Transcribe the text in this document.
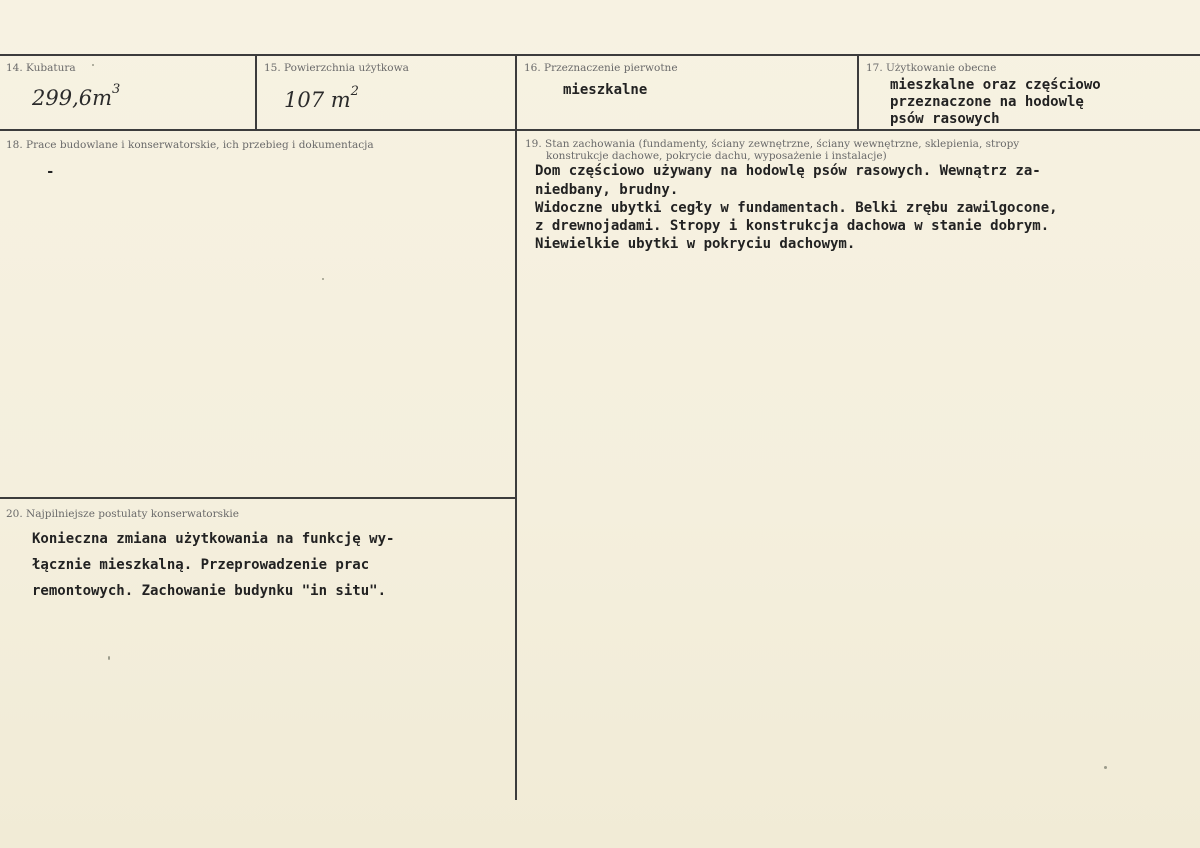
14. Kubatura
$299,6m^3$
15. Powierzchnia użytkowa
107 $m^2$
16. Przeznaczenie pierwotne
mieszkalne
17. Użytkowanie obecne
mieszkalne oraz częściowo
przeznaczone na hodowlę
psów rasowych
18. Prace budowlane i konserwatorskie, ich przebieg i dokumentacja
-
19. Stan zachowania (fundamenty, ściany zewnętrzne, ściany wewnętrzne, sklepienia, stropy
konstrukcje dachowe, pokrycie dachu, wyposażenie i instalacje)
Dom częściowo używany na hodowlę psów rasowych. Wewnątrz za-
niedbany, brudny.
Widoczne ubytki cegły w fundamentach. Belki zrębu zawilgocone,
z drewnojadami. Stropy i konstrukcja dachowa w stanie dobrym.
Niewielkie ubytki w pokryciu dachowym.
20. Najpilniejsze postulaty konserwatorskie
Konieczna zmiana użytkowania na funkcję wy-
łącznie mieszkalną. Przeprowadzenie prac
remontowych. Zachowanie budynku "in situ".
